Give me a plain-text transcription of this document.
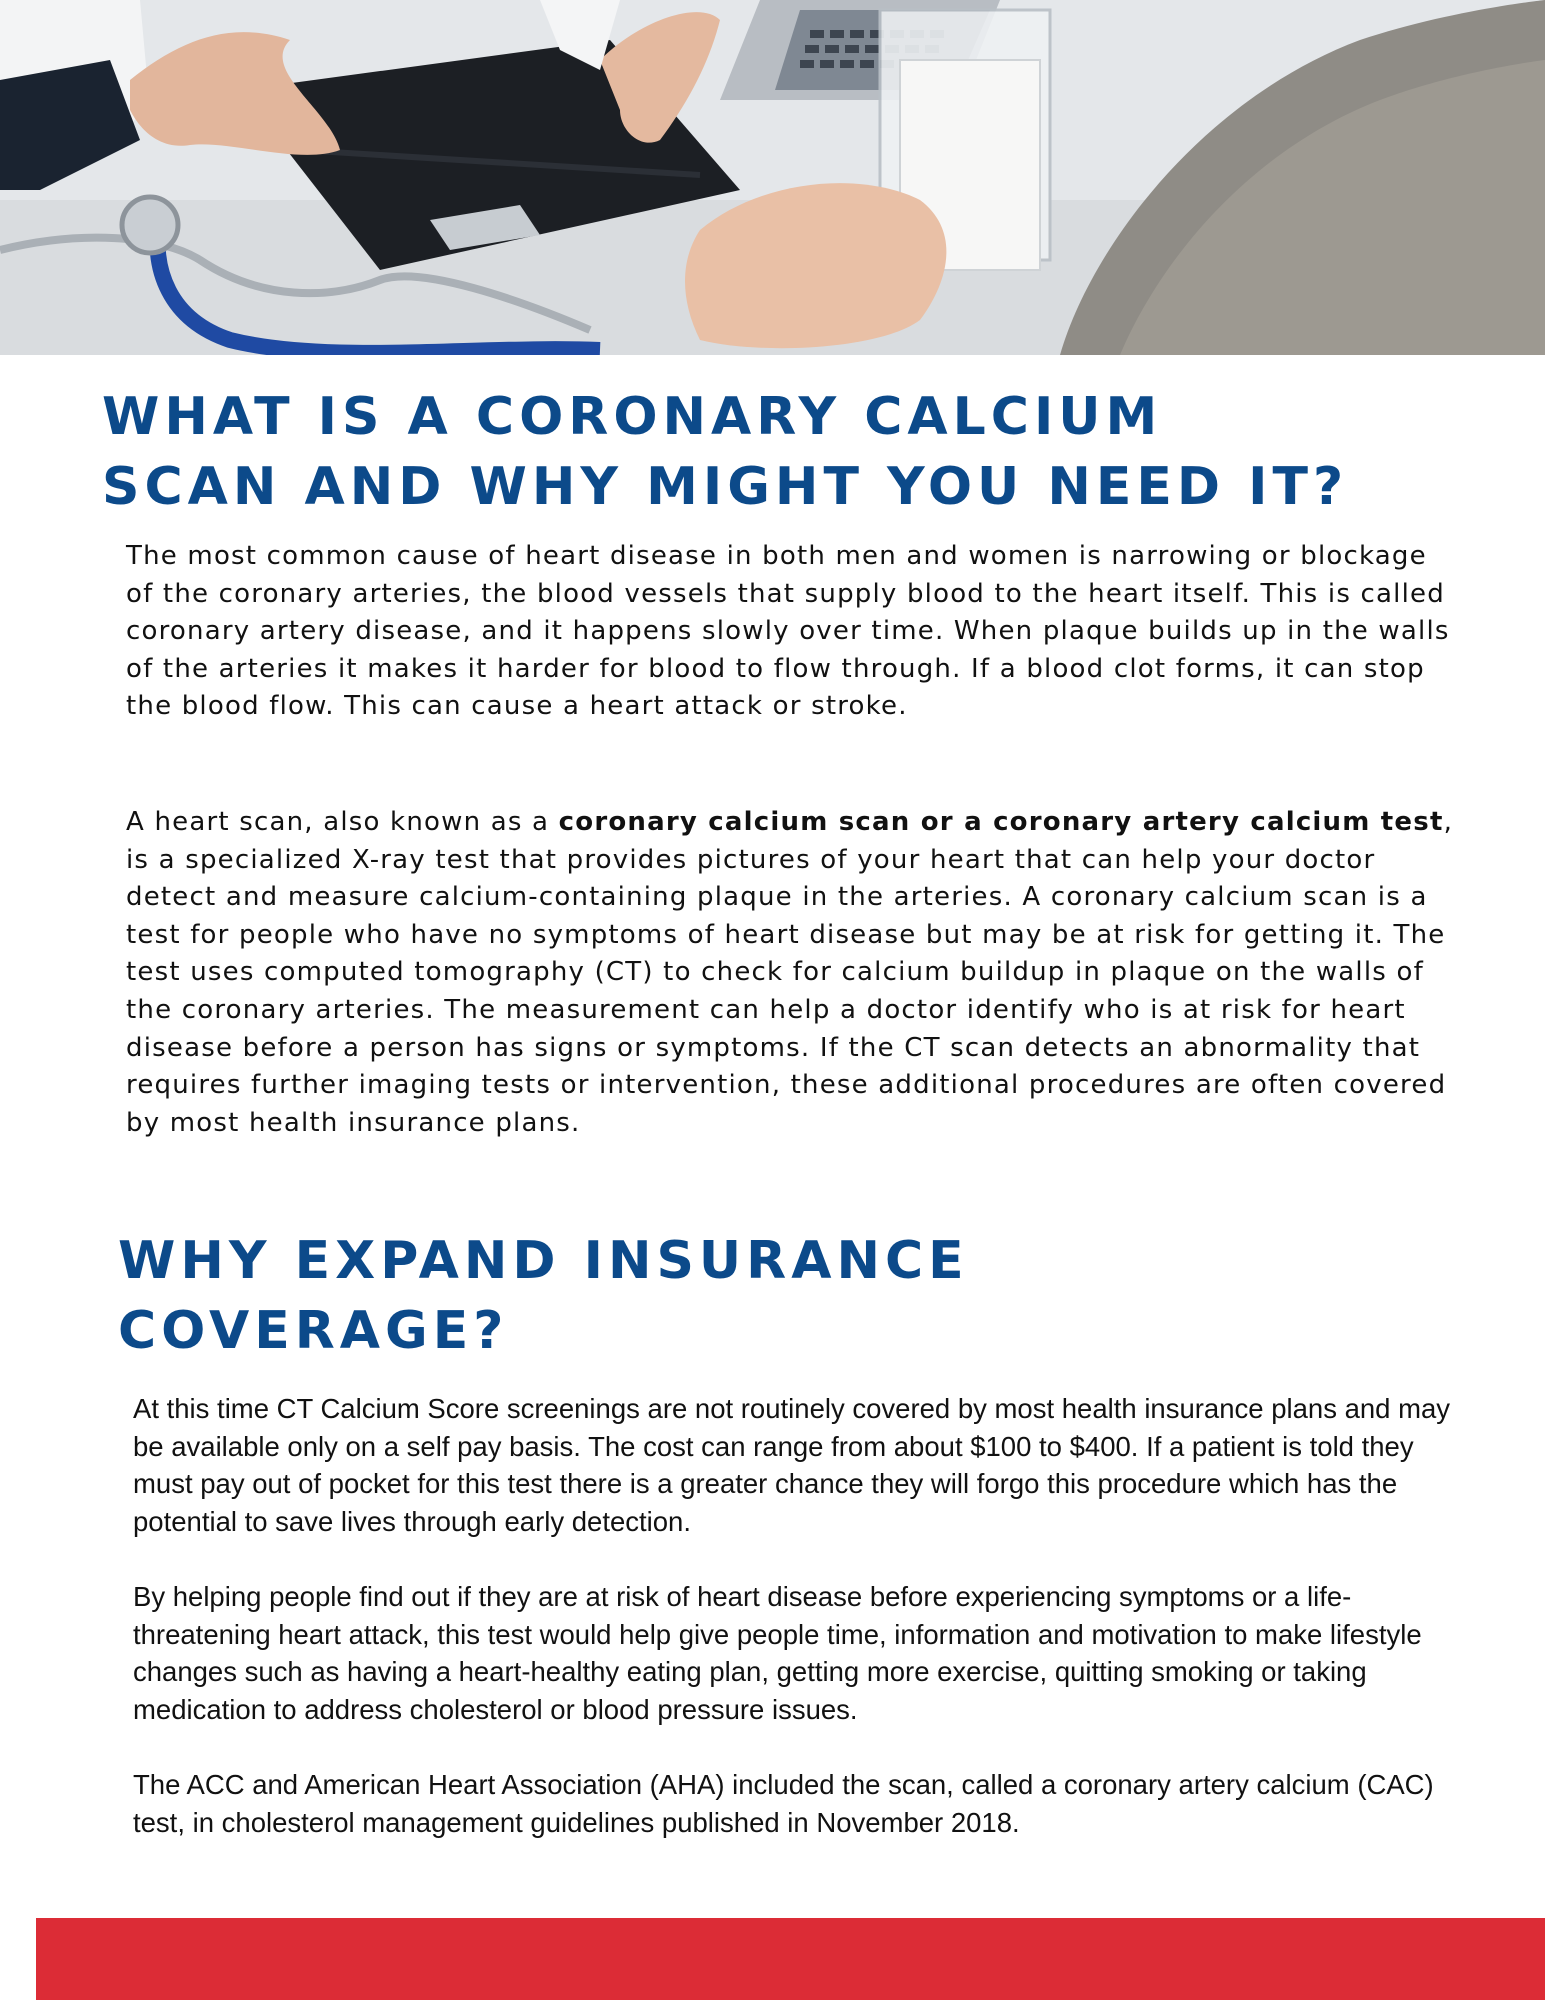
WHAT IS A CORONARY CALCIUM
SCAN AND WHY MIGHT YOU NEED IT?

The most common cause of heart disease in both men and women is narrowing or blockage of the coronary arteries, the blood vessels that supply blood to the heart itself. This is called coronary artery disease, and it happens slowly over time. When plaque builds up in the walls of the arteries it makes it harder for blood to flow through. If a blood clot forms, it can stop the blood flow. This can cause a heart attack or stroke.

A heart scan, also known as a coronary calcium scan or a coronary artery calcium test, is a specialized X-ray test that provides pictures of your heart that can help your doctor detect and measure calcium-containing plaque in the arteries. A coronary calcium scan is a test for people who have no symptoms of heart disease but may be at risk for getting it. The test uses computed tomography (CT) to check for calcium buildup in plaque on the walls of the coronary arteries. The measurement can help a doctor identify who is at risk for heart disease before a person has signs or symptoms. If the CT scan detects an abnormality that requires further imaging tests or intervention, these additional procedures are often covered by most health insurance plans.

WHY EXPAND INSURANCE
COVERAGE?

At this time CT Calcium Score screenings are not routinely covered by most health insurance plans and may be available only on a self pay basis. The cost can range from about $100 to $400. If a patient is told they must pay out of pocket for this test there is a greater chance they will forgo this procedure which has the potential to save lives through early detection.

By helping people find out if they are at risk of heart disease before experiencing symptoms or a life-threatening heart attack, this test would help give people time, information and motivation to make lifestyle changes such as having a heart-healthy eating plan, getting more exercise, quitting smoking or taking medication to address cholesterol or blood pressure issues.

The ACC and American Heart Association (AHA) included the scan, called a coronary artery calcium (CAC) test, in cholesterol management guidelines published in November 2018.
